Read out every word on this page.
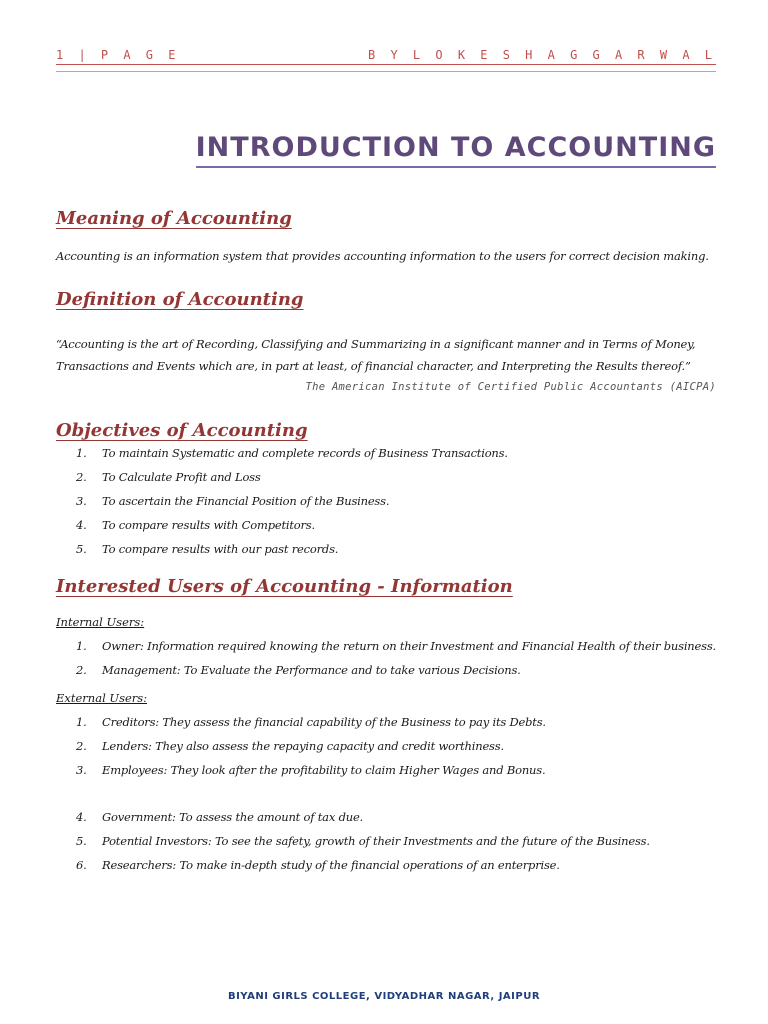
1 | P A G E	B Y L O K E S H A G G A R W A L
INTRODUCTION TO ACCOUNTING
Meaning of Accounting

Accounting is an information system that provides accounting information to the users for correct decision making.

Definition of Accounting

“Accounting is the art of Recording, Classifying and Summarizing in a significant manner and in Terms of Money, Transactions and Events which are, in part at least, of financial character, and Interpreting the Results thereof.”

The American Institute of Certified Public Accountants (AICPA)
Objectives of Accounting
1.	To maintain Systematic and complete records of Business Transactions.
2.	To Calculate Profit and Loss
3.	To ascertain the Financial Position of the Business.
4.	To compare results with Competitors.
5.	To compare results with our past records.
Interested Users of Accounting - Information
Internal Users:
1.	Owner: Information required knowing the return on their Investment and Financial Health of their business.
2.	Management: To Evaluate the Performance and to take various Decisions.
External Users:
1.	Creditors: They assess the financial capability of the Business to pay its Debts.
2.	Lenders: They also assess the repaying capacity and credit worthiness.
3.	Employees: They look after the profitability to claim Higher Wages and Bonus.
4.	Government: To assess the amount of tax due.
5.	Potential Investors: To see the safety, growth of their Investments and the future of the Business.
6.	Researchers: To make in-depth study of the financial operations of an enterprise.
BIYANI GIRLS COLLEGE, VIDYADHAR NAGAR, JAIPUR
